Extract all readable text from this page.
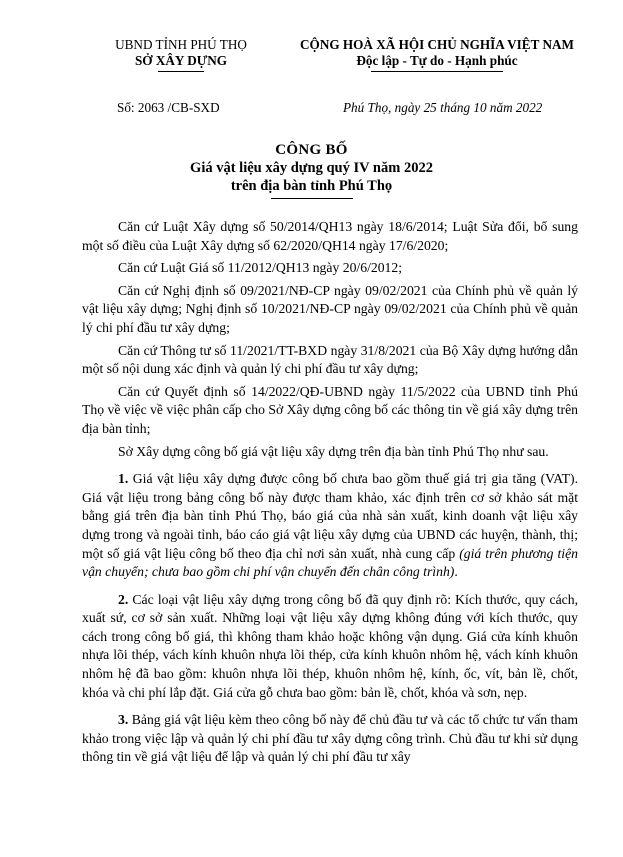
UBND TỈNH PHÚ THỌ
SỞ XÂY DỰNG
CỘNG HOÀ XÃ HỘI CHỦ NGHĨA VIỆT NAM
Độc lập - Tự do - Hạnh phúc
Số: 2063 /CB-SXD	Phú Thọ, ngày 25 tháng 10 năm 2022
CÔNG BỐ
Giá vật liệu xây dựng quý IV năm 2022
trên địa bàn tỉnh Phú Thọ

Căn cứ Luật Xây dựng số 50/2014/QH13 ngày 18/6/2014; Luật Sửa đổi, bổ sung một số điều của Luật Xây dựng số 62/2020/QH14 ngày 17/6/2020;

Căn cứ Luật Giá số 11/2012/QH13 ngày 20/6/2012;

Căn cứ Nghị định số 09/2021/NĐ-CP ngày 09/02/2021 của Chính phủ về quản lý vật liệu xây dựng; Nghị định số 10/2021/NĐ-CP ngày 09/02/2021 của Chính phủ về quản lý chi phí đầu tư xây dựng;

Căn cứ Thông tư số 11/2021/TT-BXD ngày 31/8/2021 của Bộ Xây dựng hướng dẫn một số nội dung xác định và quản lý chi phí đầu tư xây dựng;

Căn cứ Quyết định số 14/2022/QĐ-UBND ngày 11/5/2022 của UBND tỉnh Phú Thọ về việc về việc phân cấp cho Sở Xây dựng công bố các thông tin về giá xây dựng trên địa bàn tỉnh;

Sở Xây dựng công bố giá vật liệu xây dựng trên địa bàn tỉnh Phú Thọ như sau.

1. Giá vật liệu xây dựng được công bố chưa bao gồm thuế giá trị gia tăng (VAT). Giá vật liệu trong bảng công bố này được tham khảo, xác định trên cơ sở khảo sát mặt bằng giá trên địa bàn tỉnh Phú Thọ, báo giá của nhà sản xuất, kinh doanh vật liệu xây dựng trong và ngoài tỉnh, báo cáo giá vật liệu xây dựng của UBND các huyện, thành, thị; một số giá vật liệu công bố theo địa chỉ nơi sản xuất, nhà cung cấp (giá trên phương tiện vận chuyển; chưa bao gồm chi phí vận chuyển đến chân công trình).

2. Các loại vật liệu xây dựng trong công bố đã quy định rõ: Kích thước, quy cách, xuất sứ, cơ sở sản xuất. Những loại vật liệu xây dựng không đúng với kích thước, quy cách trong công bố giá, thì không tham khảo hoặc không vận dụng. Giá cửa kính khuôn nhựa lõi thép, vách kính khuôn nhựa lõi thép, cửa kính khuôn nhôm hệ, vách kính khuôn nhôm hệ đã bao gồm: khuôn nhựa lõi thép, khuôn nhôm hệ, kính, ốc, vít, bản lề, chốt, khóa và chi phí lắp đặt. Giá cửa gỗ chưa bao gồm: bản lề, chốt, khóa và sơn, nẹp.

3. Bảng giá vật liệu kèm theo công bố này để chủ đầu tư và các tổ chức tư vấn tham khảo trong việc lập và quản lý chi phí đầu tư xây dựng công trình. Chủ đầu tư khi sử dụng thông tin về giá vật liệu để lập và quản lý chi phí đầu tư xây
